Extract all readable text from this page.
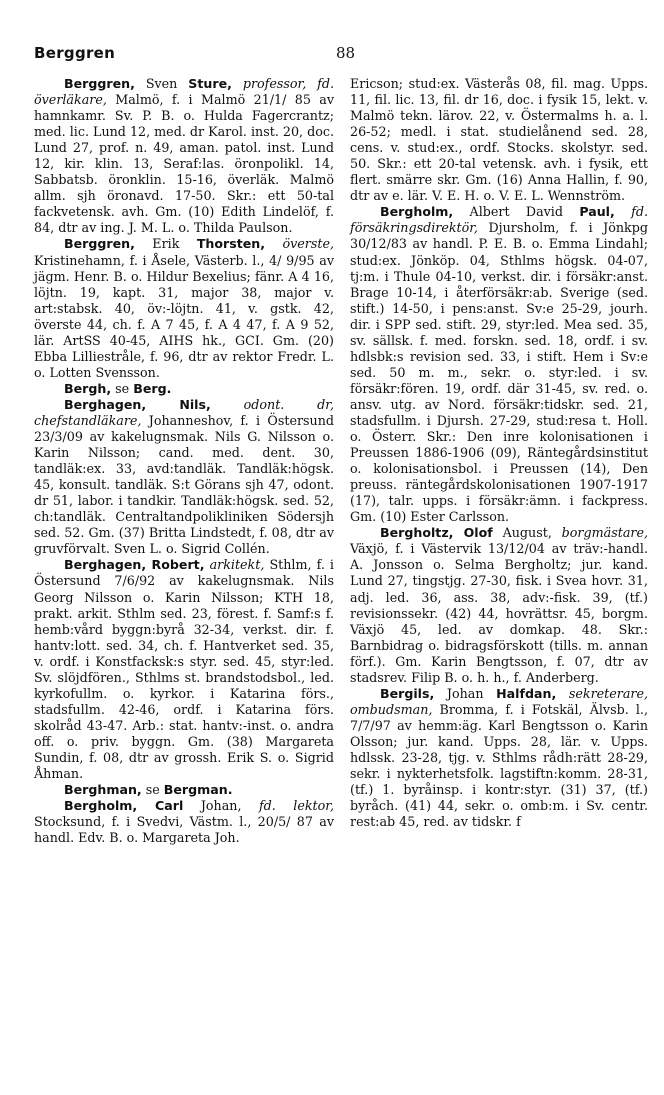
Berggren	88

Berggren, Sven Sture, professor, fd. överläkare, Malmö, f. i Malmö 21/1/ 85 av hamnkamr. Sv. P. B. o. Hulda Fagercrantz; med. lic. Lund 12, med. dr Karol. inst. 20, doc. Lund 27, prof. n. 49, aman. patol. inst. Lund 12, kir. klin. 13, Seraf:las. öronpolikl. 14, Sabbatsb. öronklin. 15-16, överläk. Malmö allm. sjh öronavd. 17-50. Skr.: ett 50-tal fackvetensk. avh. Gm. (10) Edith Lindelöf, f. 84, dtr av ing. J. M. L. o. Thilda Paulson.

Berggren, Erik Thorsten, överste, Kristinehamn, f. i Åsele, Västerb. l., 4/ 9/95 av jägm. Henr. B. o. Hildur Bexelius; fänr. A 4 16, löjtn. 19, kapt. 31, major 38, major v. art:stabsk. 40, öv:-löjtn. 41, v. gstk. 42, överste 44, ch. f. A 7 45, f. A 4 47, f. A 9 52, lär. ArtSS 40-45, AIHS hk., GCI. Gm. (20) Ebba Lilliestråle, f. 96, dtr av rektor Fredr. L. o. Lotten Svensson.

Bergh, se Berg.

Berghagen, Nils,	odont. dr, chefstandläkare, Johanneshov, f. i Östersund 23/3/09 av kakelugnsmak. Nils G. Nilsson o. Karin Nilsson; cand. med. dent. 30, tandläk:ex. 33, avd:tandläk. Tandläk:högsk. 45, konsult. tandläk. S:t Görans sjh 47, odont. dr 51, labor. i tandkir. Tandläk:högsk. sed. 52, ch:tandläk. Centraltandpolikliniken Södersjh sed. 52. Gm. (37) Britta Lindstedt, f. 08, dtr av gruvförvalt. Sven L. o. Sigrid Collén.

Berghagen, Robert, arkitekt, Sthlm, f. i Östersund 7/6/92 av kakelugnsmak. Nils Georg Nilsson o. Karin Nilsson; KTH 18, prakt. arkit. Sthlm sed. 23, förest. f. Samf:s f. hemb:vård byggn:byrå 32-34, verkst. dir. f. hantv:lott. sed. 34, ch. f. Hantverket sed. 35, v. ordf. i Konstfacksk:s styr. sed. 45, styr:led. Sv. slöjdfören., Sthlms st. brandstodsbol., led. kyrkofullm. o. kyrkor. i Katarina förs., stadsfullm. 42-46, ordf. i Katarina förs. skolråd 43-47. Arb.: stat. hantv:-inst. o. andra off. o. priv. byggn. Gm. (38) Margareta Sundin, f. 08, dtr av grossh. Erik S. o. Sigrid Åhman.

Berghman, se Bergman.

Bergholm, Carl Johan, fd. lektor, Stocksund, f. i Svedvi, Västm. l., 20/5/ 87 av handl. Edv. B. o. Margareta Joh.

Ericson; stud:ex. Västerås 08, fil. mag. Upps. 11, fil. lic. 13, fil. dr 16, doc. i fysik 15, lekt. v. Malmö tekn. lärov. 22, v. Östermalms h. a. l. 26-52; medl. i stat. studielånend sed. 28, cens. v. stud:ex., ordf. Stocks. skolstyr. sed. 50. Skr.: ett 20-tal vetensk. avh. i fysik, ett flert. smärre skr. Gm. (16) Anna Hallin, f. 90, dtr av e. lär. V. E. H. o. V. E. L. Wennström.

Bergholm, Albert David Paul, fd. försäkringsdirektör, Djursholm, f. i Jönkpg 30/12/83 av handl. P. E. B. o. Emma Lindahl; stud:ex. Jönköp. 04, Sthlms högsk. 04-07, tj:m. i Thule 04-10, verkst. dir. i försäkr:anst. Brage 10-14, i återförsäkr:ab. Sverige (sed. stift.) 14-50, i pens:anst. Sv:e 25-29, jourh. dir. i SPP sed. stift. 29, styr:led. Mea sed. 35, sv. sällsk. f. med. forskn. sed. 18, ordf. i sv. hdlsbk:s revision sed. 33, i stift. Hem i Sv:e sed. 50 m. m., sekr. o. styr:led. i sv. försäkr:fören. 19, ordf. där 31-45, sv. red. o. ansv. utg. av Nord. försäkr:tidskr. sed. 21, stadsfullm. i Djursh. 27-29, stud:resa t. Holl. o. Österr. Skr.: Den inre kolonisationen i Preussen 1886-1906 (09), Räntegårdsinstitut o. kolonisationsbol. i Preussen (14), Den preuss. räntegårdskolonisationen 1907-1917 (17), talr. upps. i försäkr:ämn. i fackpress. Gm. (10) Ester Carlsson.

Bergholtz, Olof August, borgmästare, Växjö, f. i Västervik 13/12/04 av träv:-handl. A. Jonsson o. Selma Bergholtz; jur. kand. Lund 27, tingstjg. 27-30, fisk. i Svea hovr. 31, adj. led. 36, ass. 38, adv:-fisk. 39, (tf.) revisionssekr. (42) 44, hovrättsr. 45, borgm. Växjö 45, led. av domkap. 48. Skr.: Barnbidrag o. bidragsförskott (tills. m. annan förf.). Gm. Karin Bengtsson, f. 07, dtr av stadsrev. Filip B. o. h. h., f. Anderberg.

Bergils, Johan Halfdan, sekreterare, ombudsman, Bromma, f. i Fotskäl, Älvsb. l., 7/7/97 av hemm:äg. Karl Bengtsson o. Karin Olsson; jur. kand. Upps. 28, lär. v. Upps. hdlssk. 23-28, tjg. v. Sthlms rådh:rätt 28-29, sekr. i nykterhetsfolk. lagstiftn:komm. 28-31, (tf.) 1. byråinsp. i kontr:styr. (31) 37, (tf.) byråch. (41) 44, sekr. o. omb:m. i Sv. centr. rest:ab 45, red. av tidskr. f
